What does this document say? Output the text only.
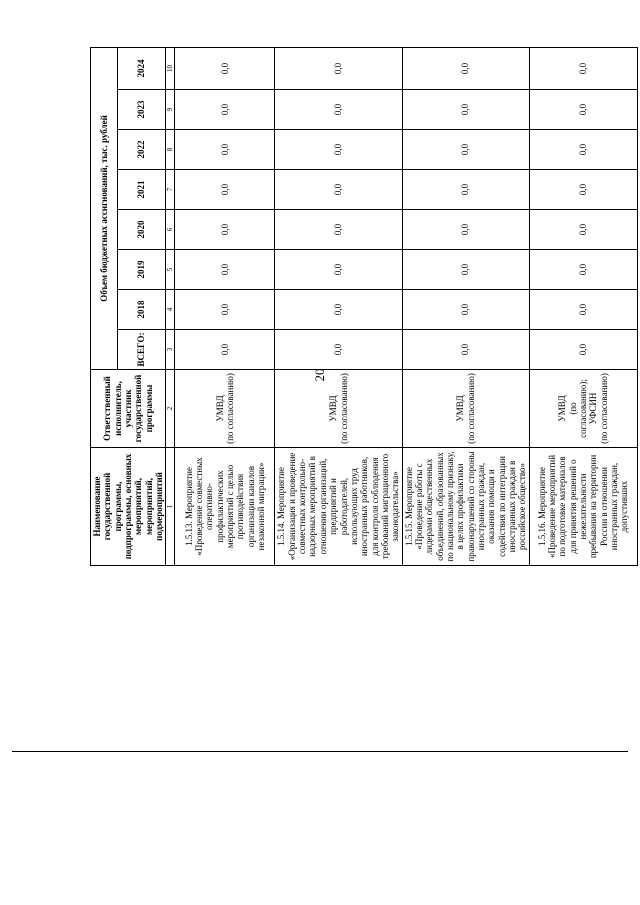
20
Наименование государственной программы, подпрограммы, основных мероприятий, мероприятий, подмероприятий	Ответственный исполнитель, участник государственной программы	Объем бюджетных ассигнований, тыс. рублей							
		ВСЕГО:	2018	2019	2020	2021	2022	2023	2024
1	2	3	4	5	6	7	8	9	10
1.5.13. Мероприятие «Проведение совместных оперативно-профилактических мероприятий с целью противодействия организации каналов незаконной миграции»	УМВД (по согласованию)	0,0	0,0	0,0	0,0	0,0	0,0	0,0	0,0
1.5.14. Мероприятие «Организация и проведение совместных контрольно-надзорных мероприятий в отношении организаций, предприятий и работодателей, использующих труд иностранных работников, для контроля соблюдения требований миграционного законодательства»	УМВД (по согласованию)	0,0	0,0	0,0	0,0	0,0	0,0	0,0	0,0
1.5.15. Мероприятие «Проведение работы с лидерами общественных объединений, образованных по национальному признаку, в целях профилактики правонарушений со стороны иностранных граждан, оказания помощи и содействия по интеграции иностранных граждан в российское общество»	УМВД (по согласованию)	0,0	0,0	0,0	0,0	0,0	0,0	0,0	0,0
1.5.16. Мероприятие «Проведение мероприятий по подготовке материалов для принятия решений о нежелательности пребывания на территории России в отношении иностранных граждан, допустивших	УМВД (по согласованию); УФСИН (по согласованию)	0,0	0,0	0,0	0,0	0,0	0,0	0,0	0,0
